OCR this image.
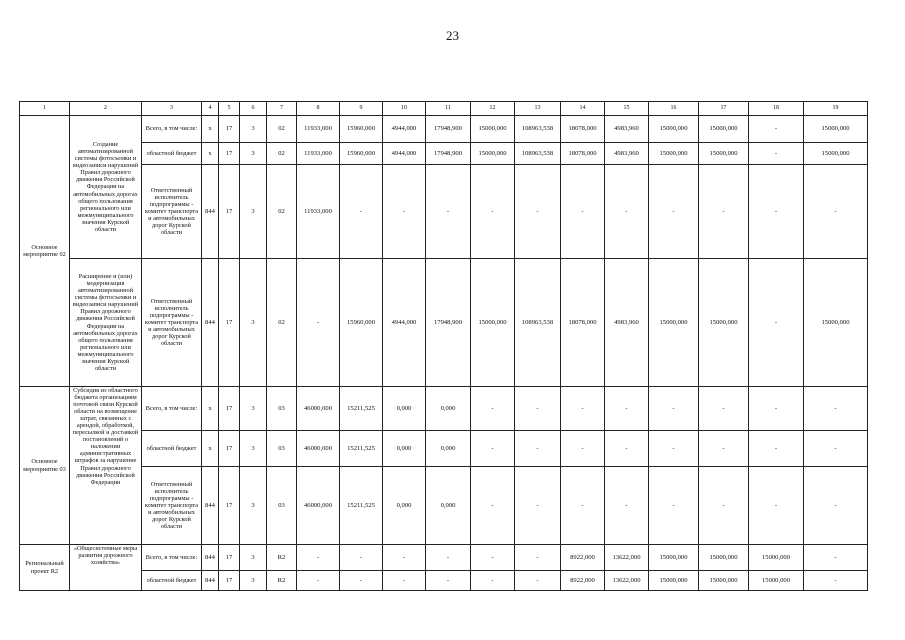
23
1	2	3	4	5	6	7	8	9	10	11	12	13	14	15	16	17	18	19
Основное мероприятие 02	Создание автоматизированной системы фотосъемки и видеозаписи нарушений Правил дорожного движения Российской Федерации на автомобильных дорогах общего пользования регионального или межмуниципального значения Курской области	Всего, в том числе:	х	17	3	02	11933,000	15960,000	4944,000	17948,900	15000,000	108963,538	18078,000	4983,960	15000,000	15000,000	-	15000,000
		областной бюджет	х	17	3	02	11933,000	15960,000	4944,000	17948,900	15000,000	108963,538	18078,000	4983,960	15000,000	15000,000	-	15000,000
		Ответственный исполнитель подпрограммы - комитет транспорта и автомобильных дорог Курской области	844	17	3	02	11933,000	-	-	-	-	-	-	-	-	-	-	-
	Расширение и (или) модернизация автоматизированной системы фотосъемки и видеозаписи нарушений Правил дорожного движения Российской Федерации на автомобильных дорогах общего пользования регионального или межмуниципального значения Курской области	Ответственный исполнитель подпрограммы - комитет транспорта и автомобильных дорог Курской области	844	17	3	02	-	15960,000	4944,000	17948,900	15000,000	108963,538	18078,000	4983,960	15000,000	15000,000	-	15000,000
Основное мероприятие 03	Субсидия из областного бюджета организациям почтовой связи Курской области на возмещение затрат, связанных с арендой, обработкой, пересылкой и доставкой постановлений о наложении административных штрафов за нарушение Правил дорожного движения Российской Федерации	Всего, в том числе:	х	17	3	03	46000,000	15211,525	0,000	0,000	-	-	-	-	-	-	-	-
		областной бюджет	х	17	3	03	46000,000	15211,525	0,000	0,000	-	-	-	-	-	-	-	-
		Ответственный исполнитель подпрограммы - комитет транспорта и автомобильных дорог Курской области	844	17	3	03	46000,000	15211,525	0,000	0,000	-	-	-	-	-	-	-	-
Региональный проект R2	«Общесистемные меры развития дорожного хозяйства»	Всего, в том числе:	844	17	3	R2	-	-	-	-	-	-	8922,000	13622,000	15000,000	15000,000	15000,000	-
		областной бюджет	844	17	3	R2	-	-	-	-	-	-	8922,000	13622,000	15000,000	15000,000	15000,000	-
